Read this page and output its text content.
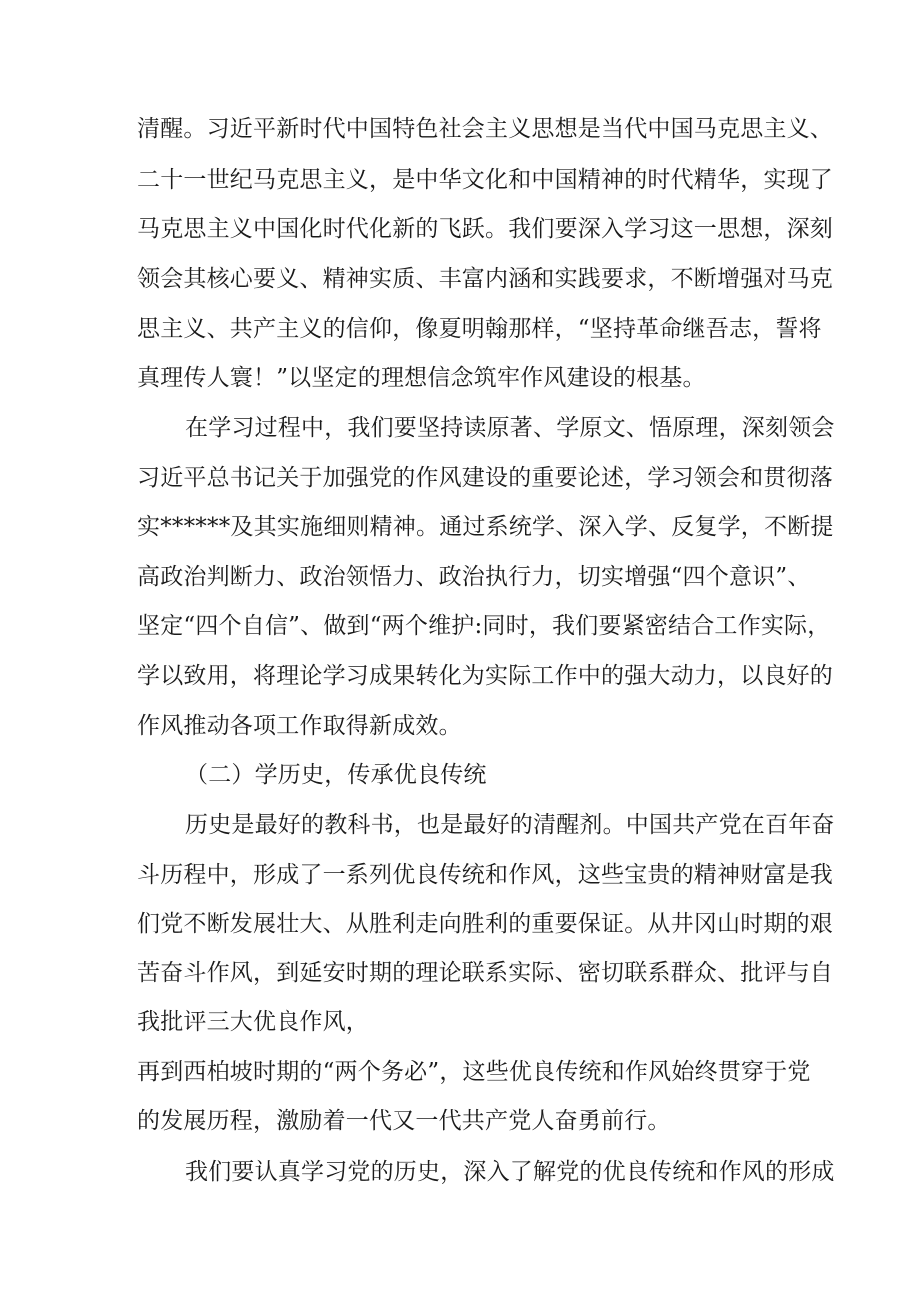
清醒。习近平新时代中国特色社会主义思想是当代中国马克思主义、
二十一世纪马克思主义，是中华文化和中国精神的时代精华，实现了
马克思主义中国化时代化新的飞跃。我们要深入学习这一思想，深刻
领会其核心要义、精神实质、丰富内涵和实践要求，不断增强对马克
思主义、共产主义的信仰，像夏明翰那样，“坚持革命继吾志，誓将
真理传人寰！”以坚定的理想信念筑牢作风建设的根基。
在学习过程中，我们要坚持读原著、学原文、悟原理，深刻领会
习近平总书记关于加强党的作风建设的重要论述，学习领会和贯彻落
实******及其实施细则精神。通过系统学、深入学、反复学，不断提
高政治判断力、政治领悟力、政治执行力，切实增强“四个意识”、
坚定“四个自信”、做到“两个维护:同时，我们要紧密结合工作实际，
学以致用，将理论学习成果转化为实际工作中的强大动力，以良好的
作风推动各项工作取得新成效。
（二）学历史，传承优良传统
历史是最好的教科书，也是最好的清醒剂。中国共产党在百年奋
斗历程中，形成了一系列优良传统和作风，这些宝贵的精神财富是我
们党不断发展壮大、从胜利走向胜利的重要保证。从井冈山时期的艰
苦奋斗作风，到延安时期的理论联系实际、密切联系群众、批评与自
我批评三大优良作风，
再到西柏坡时期的“两个务必”，这些优良传统和作风始终贯穿于党
的发展历程，激励着一代又一代共产党人奋勇前行。
我们要认真学习党的历史，深入了解党的优良传统和作风的形成
